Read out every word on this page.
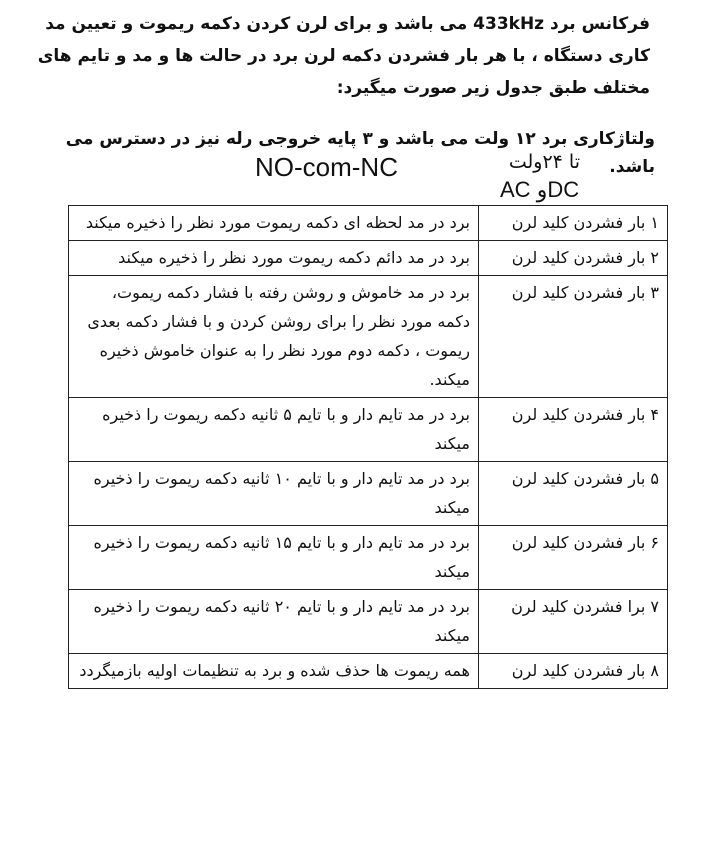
فرکانس برد 433kHz می باشد و برای لرن کردن دکمه ریموت و تعیین مد
کاری دستگاه ، با هر بار فشردن دکمه لرن برد در حالت ها و مد و تایم های
مختلف طبق جدول زیر صورت میگیرد:
ولتاژکاری برد ۱۲ ولت می باشد و ۳ پایه خروجی رله نیز در دسترس می باشد.
NO-com-NC	تا ۲۴ولت
AC وDC
۱ بار فشردن کلید لرن	برد در مد لحظه ای دکمه ریموت مورد نظر را ذخیره میکند
۲ بار فشردن کلید لرن	برد در مد دائم دکمه ریموت مورد نظر را ذخیره میکند
۳ بار فشردن کلید لرن	برد در مد خاموش و روشن رفته با فشار دکمه ریموت، دکمه مورد نظر را برای روشن کردن و با فشار دکمه بعدی ریموت ، دکمه دوم مورد نظر را به عنوان خاموش ذخیره میکند.
۴ بار فشردن کلید لرن	برد در مد تایم دار و با تایم ۵ ثانیه دکمه ریموت را ذخیره میکند
۵ بار فشردن کلید لرن	برد در مد تایم دار و با تایم ۱۰ ثانیه دکمه ریموت را ذخیره میکند
۶ بار فشردن کلید لرن	برد در مد تایم دار و با تایم ۱۵ ثانیه دکمه ریموت را ذخیره میکند
۷ برا فشردن کلید لرن	برد در مد تایم دار و با تایم ۲۰ ثانیه دکمه ریموت را ذخیره میکند
۸ بار فشردن کلید لرن	همه ریموت ها حذف شده و برد به تنظیمات اولیه بازمیگردد
